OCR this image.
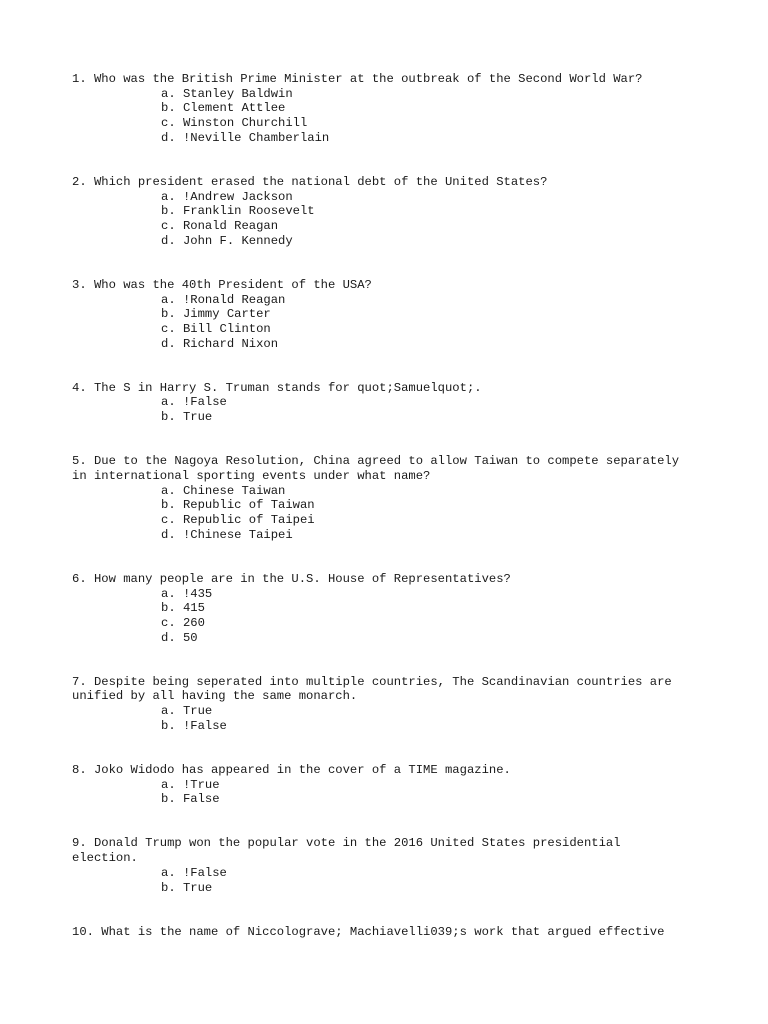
1. Who was the British Prime Minister at the outbreak of the Second World War?

a. Stanley Baldwin
b. Clement Attlee
c. Winston Churchill
d. !Neville Chamberlain

2. Which president erased the national debt of the United States?

a. !Andrew Jackson
b. Franklin Roosevelt
c. Ronald Reagan
d. John F. Kennedy

3. Who was the 40th President of the USA?

a. !Ronald Reagan
b. Jimmy Carter
c. Bill Clinton
d. Richard Nixon

4. The S in Harry S. Truman stands for quot;Samuelquot;.

a. !False
b. True

5. Due to the Nagoya Resolution, China agreed to allow Taiwan to compete separately
in international sporting events under what name?

a. Chinese Taiwan
b. Republic of Taiwan
c. Republic of Taipei
d. !Chinese Taipei

6. How many people are in the U.S. House of Representatives?

a. !435
b. 415
c. 260
d. 50

7. Despite being seperated into multiple countries, The Scandinavian countries are
unified by all having the same monarch.

a. True
b. !False

8. Joko Widodo has appeared in the cover of a TIME magazine.

a. !True
b. False

9. Donald Trump won the popular vote in the 2016 United States presidential
election.

a. !False
b. True

10. What is the name of Niccolograve; Machiavelli039;s work that argued effective
